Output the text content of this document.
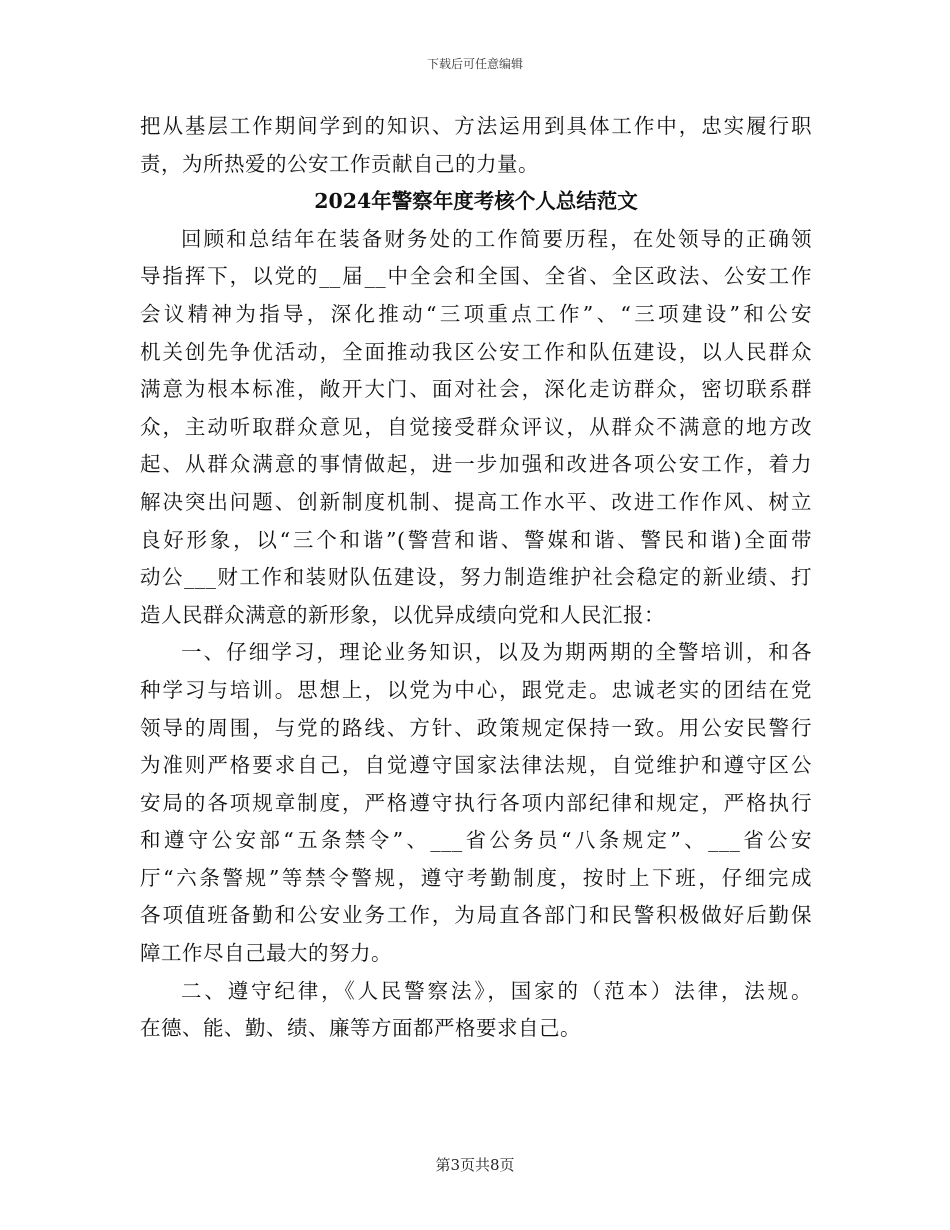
下载后可任意编辑
把从基层工作期间学到的知识、方法运用到具体工作中，忠实履行职
责，为所热爱的公安工作贡献自己的力量。
2024年警察年度考核个人总结范文
回顾和总结年在装备财务处的工作简要历程，在处领导的正确领
导指挥下，以党的__届__中全会和全国、全省、全区政法、公安工作
会议精神为指导，深化推动“三项重点工作”、“三项建设”和公安
机关创先争优活动，全面推动我区公安工作和队伍建设，以人民群众
满意为根本标准，敞开大门、面对社会，深化走访群众，密切联系群
众，主动听取群众意见，自觉接受群众评议，从群众不满意的地方改
起、从群众满意的事情做起，进一步加强和改进各项公安工作，着力
解决突出问题、创新制度机制、提高工作水平、改进工作作风、树立
良好形象，以“三个和谐”(警营和谐、警媒和谐、警民和谐)全面带
动公___财工作和装财队伍建设，努力制造维护社会稳定的新业绩、打
造人民群众满意的新形象，以优异成绩向党和人民汇报：
一、仔细学习，理论业务知识，以及为期两期的全警培训，和各
种学习与培训。思想上，以党为中心，跟党走。忠诚老实的团结在党
领导的周围，与党的路线、方针、政策规定保持一致。用公安民警行
为准则严格要求自己，自觉遵守国家法律法规，自觉维护和遵守区公
安局的各项规章制度，严格遵守执行各项内部纪律和规定，严格执行
和遵守公安部“五条禁令”、___省公务员“八条规定”、___省公安
厅“六条警规”等禁令警规，遵守考勤制度，按时上下班，仔细完成
各项值班备勤和公安业务工作，为局直各部门和民警积极做好后勤保
障工作尽自己最大的努力。
二、遵守纪律，《人民警察法》，国家的（范本）法律，法规。
在德、能、勤、绩、廉等方面都严格要求自己。
第3页共8页
